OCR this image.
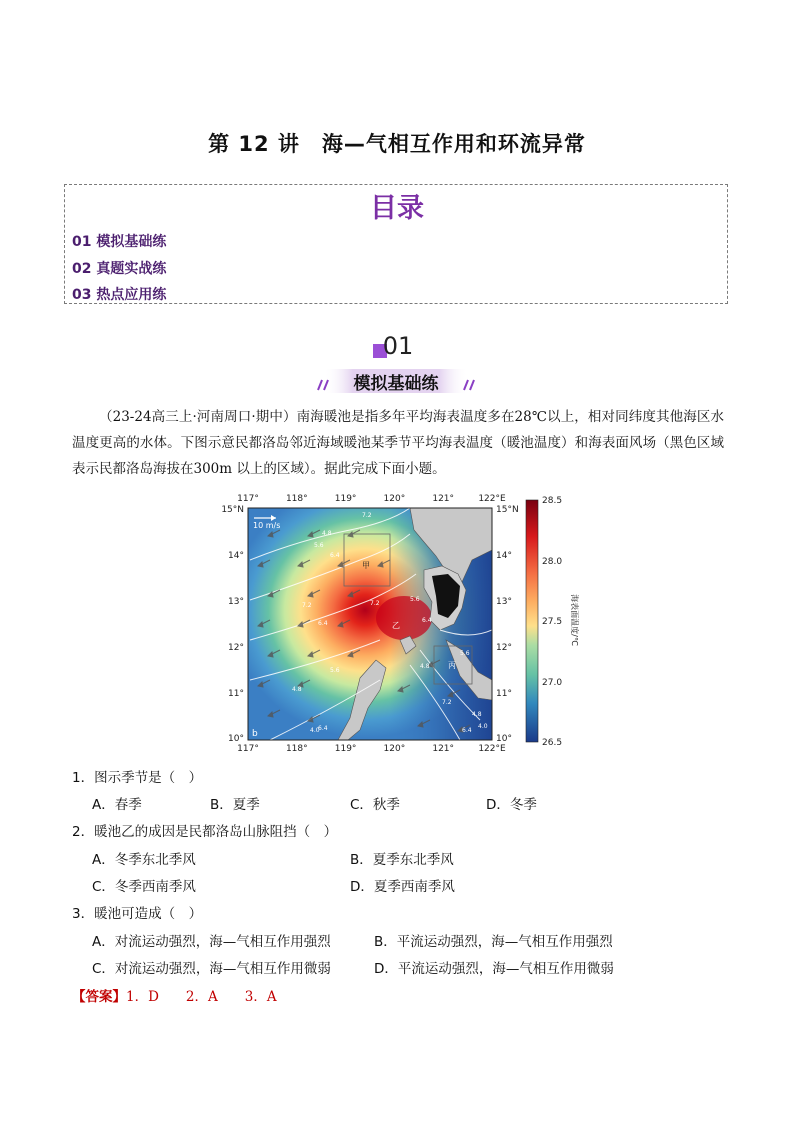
第 12 讲　海—气相互作用和环流异常
目录
01 模拟基础练
02 真题实战练
03 热点应用练
01
模拟基础练
（23-24高三上·河南周口·期中）南海暖池是指多年平均海表温度多在28℃以上，相对同纬度其他海区水温度更高的水体。下图示意民都洛岛邻近海域暖池某季节平均海表温度（暖池温度）和海表面风场（黑色区域表示民都洛岛海拔在300m 以上的区域）。据此完成下面小题。
10 m/s
b
甲
乙
丙
7.2
4.8
5.6
6.4
7.2
6.4
5.6
4.8
4.0
6.4
7.2
5.6
6.4
4.8
5.6
7.2
4.8
6.4
4.0
117°	118°	119°	120°	121°	122°E
117°	118°	119°	120°	121°	122°E
15°N
14°
13°
12°
11°
10°
15°N
14°
13°
12°
11°
10°
28.5
28.0
27.5
27.0
26.5
海表面温度/℃
1．图示季节是（　）
A．春季	B．夏季	C．秋季	D．冬季
2．暖池乙的成因是民都洛岛山脉阻挡（　）
A．冬季东北季风	B．夏季东北季风
C．冬季西南季风	D．夏季西南季风
3．暖池可造成（　）
A．对流运动强烈，海—气相互作用强烈	B．平流运动强烈，海—气相互作用强烈
C．对流运动强烈，海—气相互作用微弱	D．平流运动强烈，海—气相互作用微弱
【答案】1．D　　2．A　　3．A
